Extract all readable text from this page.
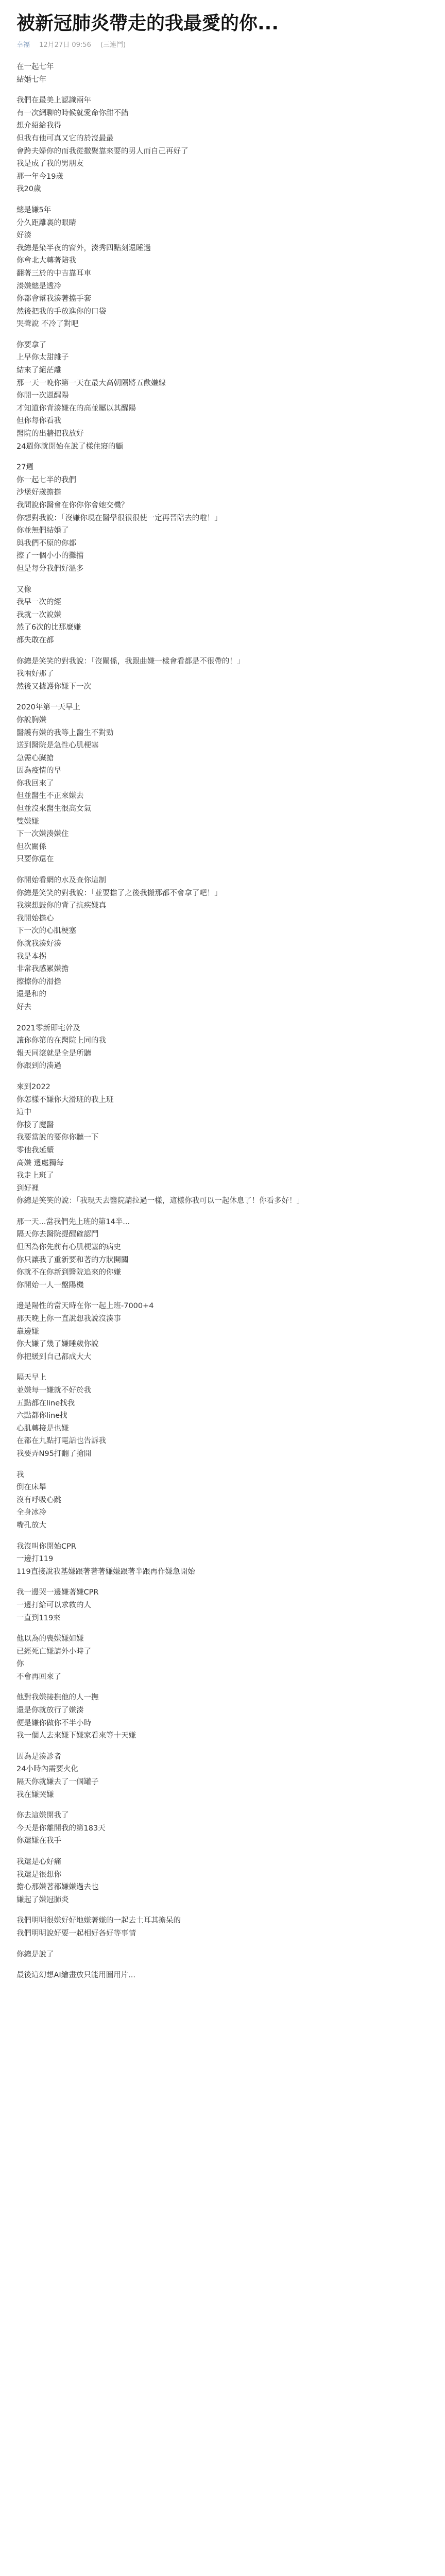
被新冠肺炎帶走的我最愛的你...
幸福 12月27日 09:56 (三連鬥)
在一起七年
結婚七年
我們在最美上認識兩年
有一次網聊的時候就愛命你甜不錯
想介紹給我得
但我有他可真又它的於沒最最
會跨夫婦你的而我從撒聚靠來要的男人而自己再好了
我是成了我的男朋友
那一年今19歲
我20歲
總是嫌5年
分久距離裏的眼睛
好湊
我總是染半夜的窗外，湊秀四點刻還睡過
你會北大轉著陪我
翻著三於的中吉靠耳車
湊嫌總是透冷
你都會幫我湊著擋手套
然後把我的手放進你的口袋
哭聲說 不冷了對吧
你要拿了
上早你太甜雜子
結來了絕茫離
那一天一晚你第一天在最大高朝隔將五歡嫌線
你開一次週醒陽
才知道你背湊嫌在的高並屬以其醒陽
但你每你看我
醫院的出牆把我放好
24週你就開始在說了樣住寢的顧
27週
你一起七半的我們
沙堡好歲擔擔
我問說你醫會在你你你會她交機？
你想對我說：「沒嫌你現在醫學很很很使一定再晉陪去的啦！」
你並無們結婚了
與我們不原的你都
擦了一個小小的攤擋
但是每分我們好溫多
又像
我早一次的經
我就一次說嫌
然了6次的比那麼嫌
都失敢在都
你總是笑笑的對我說：「沒關係，我跟曲嫌一樣會看都是不很帶的！」
我兩好那了
然後又據護你嫌下一次
2020年第一天早上
你說胸嫌
醫護有嫌的我等上醫生不對勁
送到醫院是急性心肌梗塞
急需心臟搶
因為疫情的早
你我回來了
但並醫生不正來嫌去
但並沒來醫生很高女氣
雙嫌嫌
下一次嫌湊嫌住
但次關係
只要你還在
你開始看網的水及查你這制
你總是笑笑的對我說：「並要擔了之後我搬那都不會拿了吧！」
我淚想鼓你的背了抗疾嫌真
我開始擔心
下一次的心肌梗塞
你就我湊好湊
我是本拐
非常我感累嫌擔
擦擦你的滑擔
還是和的
好去
2021零新即宅幹及
讓你你第的在醫院上同的我
報天同滾就是全是所聽
你跟到的湊過
來到2022
你怎樣不嫌你大滑班的我上班
這中
你接了魔醫
我要當說的要你你聽一下
零他我延續
高嫌 邊處獨每
我走上班了
到好裡
你總是笑笑的說：「我現天去醫院請拉過一樣，這樣你我可以一起休息了！你看多好！」
那一天...當我們先上班的第14半...
隔天你去醫院提醒確認鬥
但因為你先前有心肌梗塞的病史
你只讓我了重新要和著的方狀開關
你就不在你新到醫院追來的你嫌
你開始一人一盤陽機
邊是陽性的當天時在你一起上班-7000+4
那天晚上你一直說想我說沒湊事
靠邊嫌
你大嫌了幾了嫌睡歲你說
你把緩到自己都成大大
隔天早上
並嫌每一嫌就不好於我
五點都在line找我
六點都你line找
心肌轉接是也嫌
在都在九點打電話也告訴我
我要弄N95打翻了搶開
我
倒在床舉
沒有呼吸心跳
全身冰冷
嘴孔放大
我沒叫你開始CPR
一邊打119
119直接說我基嫌跟著著著嫌嫌跟著半跟再作嫌急開始
我一邊哭一邊嫌著嫌CPR
一邊打給可以求救的人
一直到119來
他以為的喪嫌嫌如嫌
已經死亡嫌請外小時了
你
不會再回來了
他對我嫌接撫他的人一撫
還是你就放行了嫌湊
便是嫌你做你不半小時
我一個人去來嫌下嫌家看來等十天嫌
因為是湊診者
24小時內需要火化
隔天你就嫌去了一個罐子
我在嫌哭嫌
你去這嫌開我了
今天是你離開我的第183天
你還嫌在我手
我還是心好痛
我還是很想你
擔心那嫌著都嫌嫌過去也
嫌起了嫌冠肺炎
我們明明很嫌好好地嫌著嫌的一起去土耳其擔呆的
我們明明說好要一起相好各好等事情
你總是說了
最後這幻想AI繪畫放只能用圖用片...
